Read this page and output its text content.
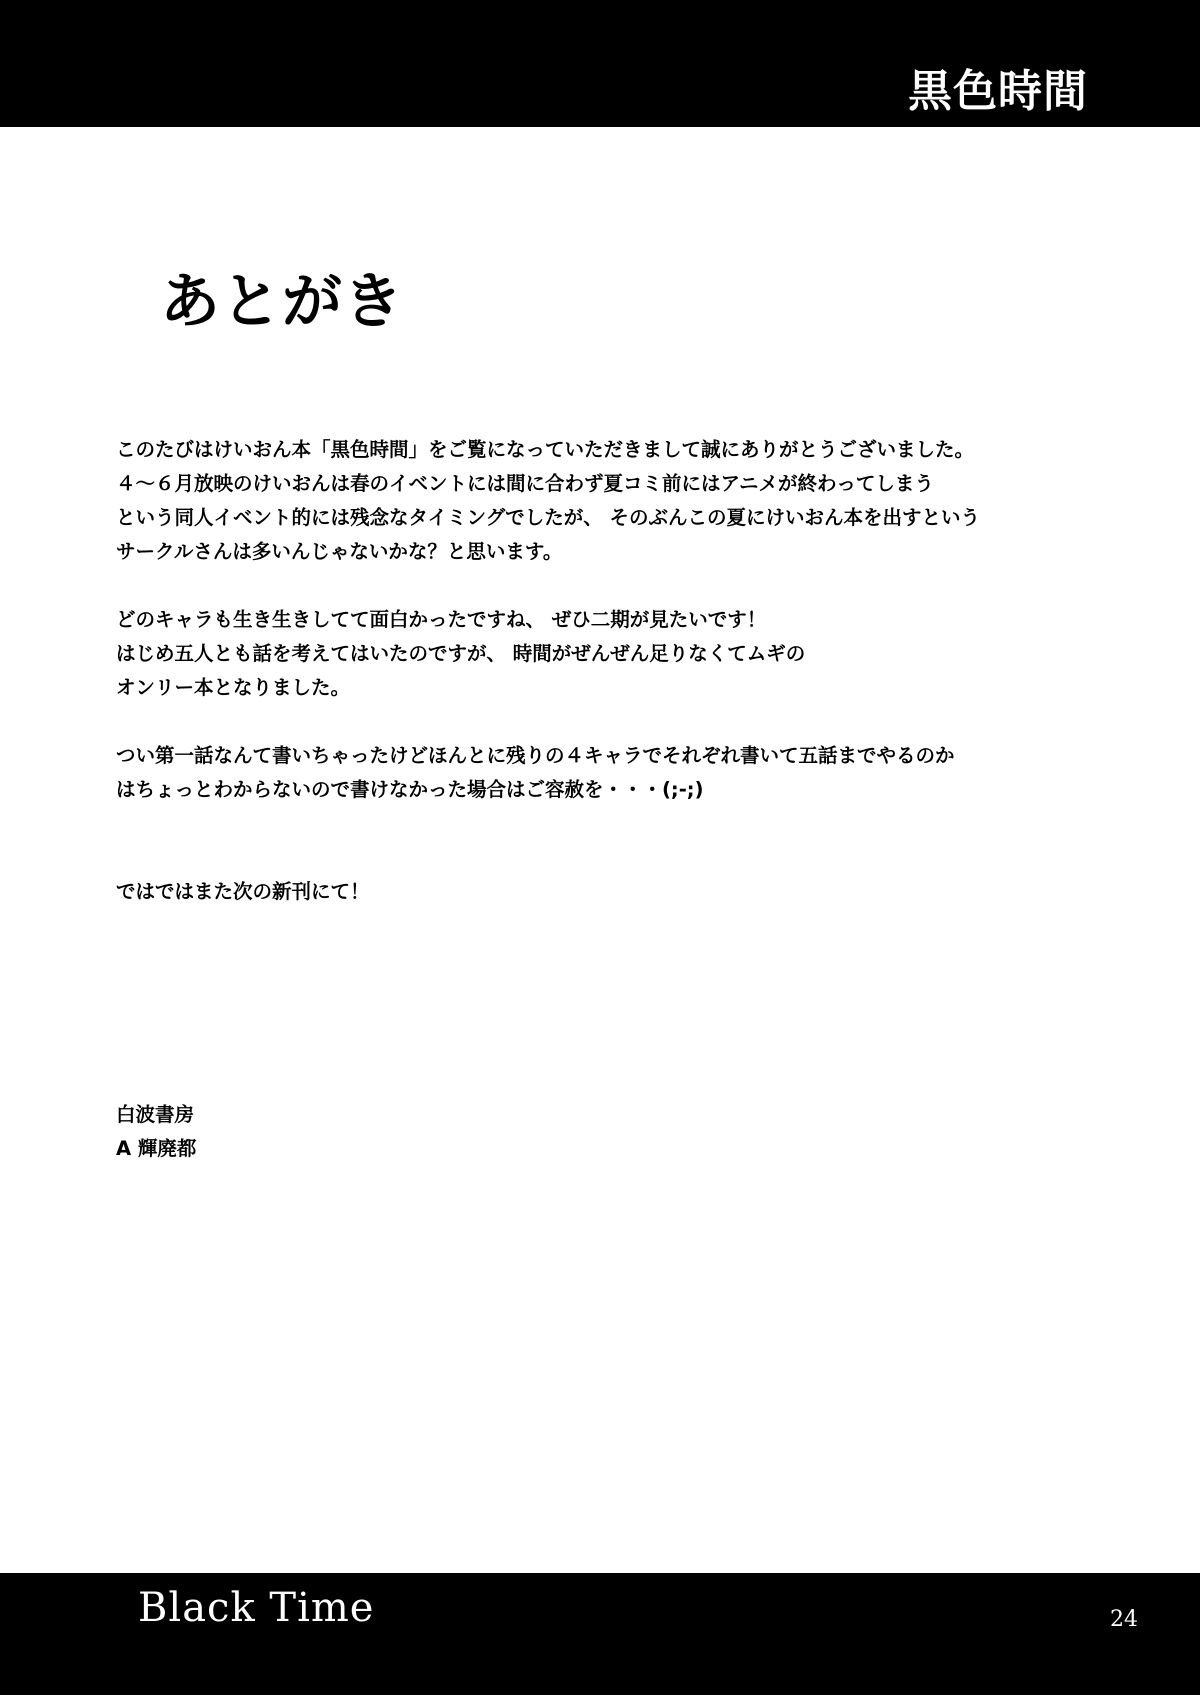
黒色時間
あとがき

このたびはけいおん本「黒色時間」をご覧になっていただきまして誠にありがとうございました。

４～６月放映のけいおんは春のイベントには間に合わず夏コミ前にはアニメが終わってしまう

という同人イベント的には残念なタイミングでしたが、 そのぶんこの夏にけいおん本を出すという

サークルさんは多いんじゃないかな？と思います。

どのキャラも生き生きしてて面白かったですね、 ぜひ二期が見たいです！

はじめ五人とも話を考えてはいたのですが、 時間がぜんぜん足りなくてムギの

オンリー本となりました。

つい第一話なんて書いちゃったけどほんとに残りの４キャラでそれぞれ書いて五話までやるのか

はちょっとわからないので書けなかった場合はご容赦を・・・(;-;)

ではではまた次の新刊にて！

白波書房

A 輝廃都

Black Time	24
